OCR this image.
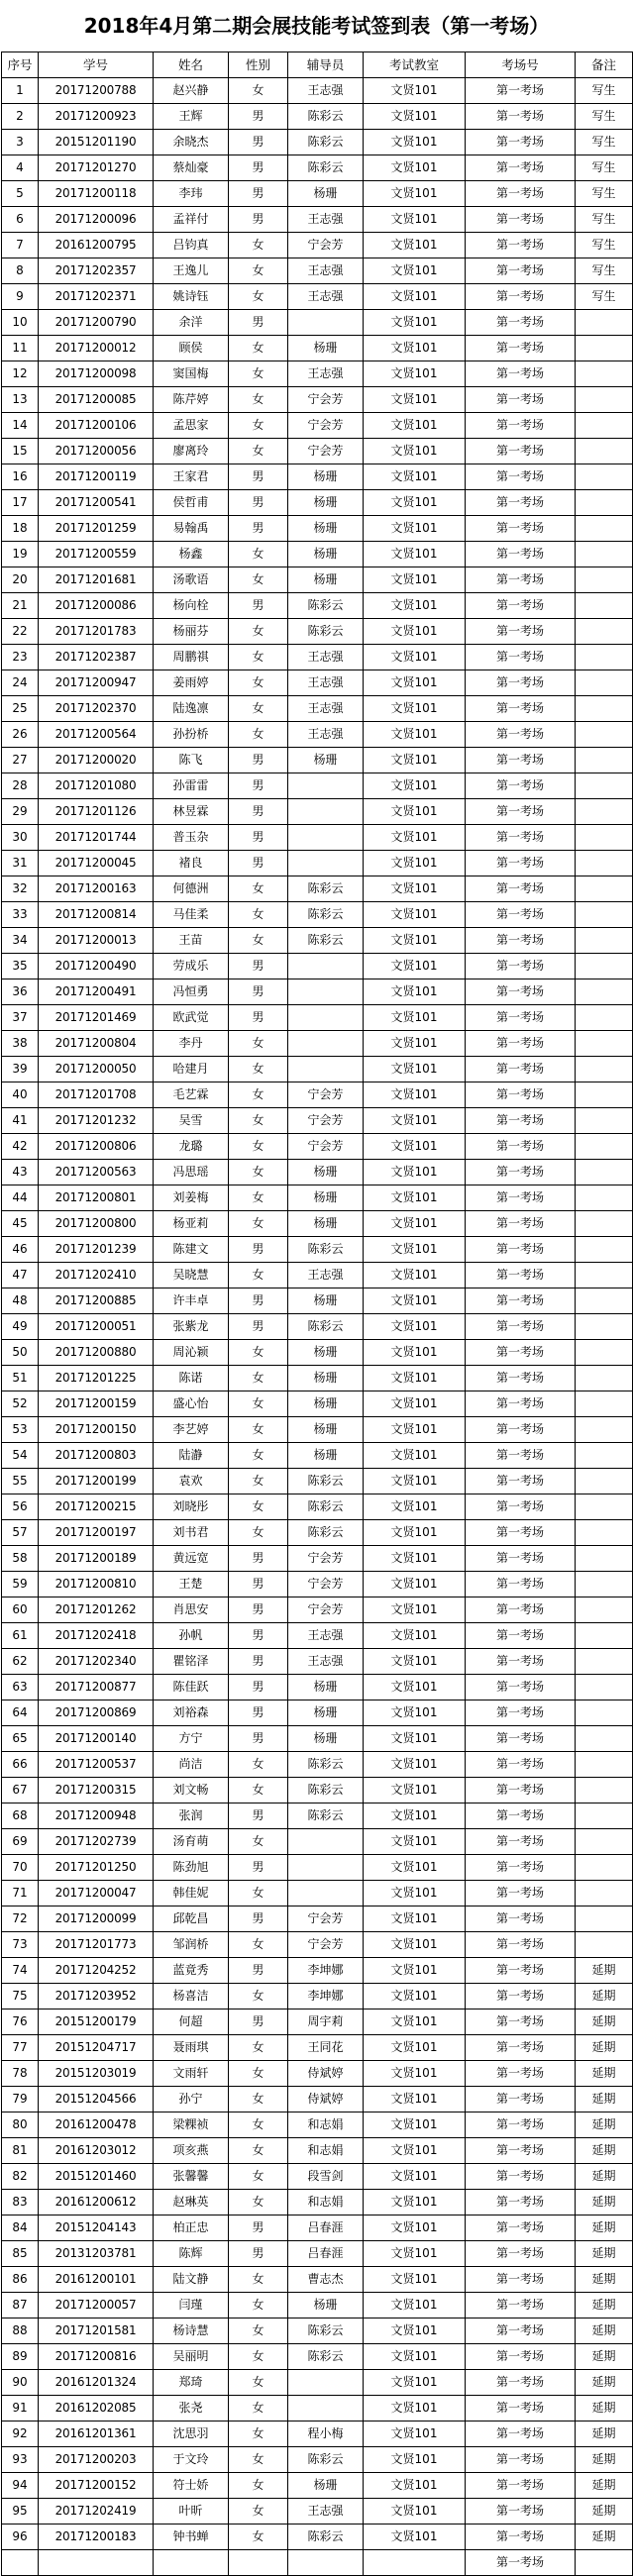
2018年4月第二期会展技能考试签到表（第一考场）
序号	学号	姓名	性别	辅导员	考试教室	考场号	备注
1	20171200788	赵兴静	女	王志强	文贤101	第一考场	写生
2	20171200923	王辉	男	陈彩云	文贤101	第一考场	写生
3	20151201190	余晓杰	男	陈彩云	文贤101	第一考场	写生
4	20171201270	蔡灿豪	男	陈彩云	文贤101	第一考场	写生
5	20171200118	李玮	男	杨珊	文贤101	第一考场	写生
6	20171200096	孟祥付	男	王志强	文贤101	第一考场	写生
7	20161200795	吕钧真	女	宁会芳	文贤101	第一考场	写生
8	20171202357	王逸儿	女	王志强	文贤101	第一考场	写生
9	20171202371	姚诗钰	女	王志强	文贤101	第一考场	写生
10	20171200790	余洋	男		文贤101	第一考场	
11	20171200012	顾侯	女	杨珊	文贤101	第一考场	
12	20171200098	窦国梅	女	王志强	文贤101	第一考场	
13	20171200085	陈芹婷	女	宁会芳	文贤101	第一考场	
14	20171200106	孟思家	女	宁会芳	文贤101	第一考场	
15	20171200056	廖离玲	女	宁会芳	文贤101	第一考场	
16	20171200119	王家君	男	杨珊	文贤101	第一考场	
17	20171200541	侯哲甫	男	杨珊	文贤101	第一考场	
18	20171201259	易翰禹	男	杨珊	文贤101	第一考场	
19	20171200559	杨鑫	女	杨珊	文贤101	第一考场	
20	20171201681	汤歌语	女	杨珊	文贤101	第一考场	
21	20171200086	杨向栓	男	陈彩云	文贤101	第一考场	
22	20171201783	杨丽芬	女	陈彩云	文贤101	第一考场	
23	20171202387	周鹏祺	女	王志强	文贤101	第一考场	
24	20171200947	姜雨婷	女	王志强	文贤101	第一考场	
25	20171202370	陆逸凛	女	王志强	文贤101	第一考场	
26	20171200564	孙扮桥	女	王志强	文贤101	第一考场	
27	20171200020	陈飞	男	杨珊	文贤101	第一考场	
28	20171201080	孙雷雷	男		文贤101	第一考场	
29	20171201126	林昱霖	男		文贤101	第一考场	
30	20171201744	普玉杂	男		文贤101	第一考场	
31	20171200045	褚良	男		文贤101	第一考场	
32	20171200163	何德洲	女	陈彩云	文贤101	第一考场	
33	20171200814	马佳柔	女	陈彩云	文贤101	第一考场	
34	20171200013	王苗	女	陈彩云	文贤101	第一考场	
35	20171200490	劳成乐	男		文贤101	第一考场	
36	20171200491	冯恒勇	男		文贤101	第一考场	
37	20171201469	欧武觉	男		文贤101	第一考场	
38	20171200804	李丹	女		文贤101	第一考场	
39	20171200050	哈建月	女		文贤101	第一考场	
40	20171201708	毛艺霖	女	宁会芳	文贤101	第一考场	
41	20171201232	吴雪	女	宁会芳	文贤101	第一考场	
42	20171200806	龙璐	女	宁会芳	文贤101	第一考场	
43	20171200563	冯思瑶	女	杨珊	文贤101	第一考场	
44	20171200801	刘姜梅	女	杨珊	文贤101	第一考场	
45	20171200800	杨亚莉	女	杨珊	文贤101	第一考场	
46	20171201239	陈建文	男	陈彩云	文贤101	第一考场	
47	20171202410	吴晓慧	女	王志强	文贤101	第一考场	
48	20171200885	许丰卓	男	杨珊	文贤101	第一考场	
49	20171200051	张紫龙	男	陈彩云	文贤101	第一考场	
50	20171200880	周沁颖	女	杨珊	文贤101	第一考场	
51	20171201225	陈诺	女	杨珊	文贤101	第一考场	
52	20171200159	盛心怡	女	杨珊	文贤101	第一考场	
53	20171200150	李艺婷	女	杨珊	文贤101	第一考场	
54	20171200803	陆瀞	女	杨珊	文贤101	第一考场	
55	20171200199	袁欢	女	陈彩云	文贤101	第一考场	
56	20171200215	刘晓彤	女	陈彩云	文贤101	第一考场	
57	20171200197	刘书君	女	陈彩云	文贤101	第一考场	
58	20171200189	黄远宽	男	宁会芳	文贤101	第一考场	
59	20171200810	王楚	男	宁会芳	文贤101	第一考场	
60	20171201262	肖思安	男	宁会芳	文贤101	第一考场	
61	20171202418	孙帆	男	王志强	文贤101	第一考场	
62	20171202340	瞿铭泽	男	王志强	文贤101	第一考场	
63	20171200877	陈佳跃	男	杨珊	文贤101	第一考场	
64	20171200869	刘裕森	男	杨珊	文贤101	第一考场	
65	20171200140	方宁	男	杨珊	文贤101	第一考场	
66	20171200537	尚洁	女	陈彩云	文贤101	第一考场	
67	20171200315	刘文畅	女	陈彩云	文贤101	第一考场	
68	20171200948	张润	男	陈彩云	文贤101	第一考场	
69	20171202739	汤育萌	女		文贤101	第一考场	
70	20171201250	陈劲旭	男		文贤101	第一考场	
71	20171200047	韩佳妮	女		文贤101	第一考场	
72	20171200099	邱乾昌	男	宁会芳	文贤101	第一考场	
73	20171201773	邹润桥	女	宁会芳	文贤101	第一考场	
74	20171204252	蓝竟秀	男	李坤娜	文贤101	第一考场	延期
75	20171203952	杨喜洁	女	李坤娜	文贤101	第一考场	延期
76	20151200179	何超	男	周宇莉	文贤101	第一考场	延期
77	20151204717	聂雨琪	女	王同花	文贤101	第一考场	延期
78	20151203019	文雨轩	女	侍斌婷	文贤101	第一考场	延期
79	20151204566	孙宁	女	侍斌婷	文贤101	第一考场	延期
80	20161200478	梁粿祯	女	和志娟	文贤101	第一考场	延期
81	20161203012	项亥燕	女	和志娟	文贤101	第一考场	延期
82	20151201460	张馨馨	女	段雪剑	文贤101	第一考场	延期
83	20161200612	赵琳英	女	和志娟	文贤101	第一考场	延期
84	20151204143	柏正忠	男	吕春涯	文贤101	第一考场	延期
85	20131203781	陈辉	男	吕春涯	文贤101	第一考场	延期
86	20161200101	陆文静	女	曹志杰	文贤101	第一考场	延期
87	20171200057	闫瑾	女	杨珊	文贤101	第一考场	延期
88	20171201581	杨诗慧	女	陈彩云	文贤101	第一考场	延期
89	20171200816	吴丽明	女	陈彩云	文贤101	第一考场	延期
90	20161201324	郑琦	女		文贤101	第一考场	延期
91	20161202085	张尧	女		文贤101	第一考场	延期
92	20161201361	沈思羽	女	程小梅	文贤101	第一考场	延期
93	20171200203	于文玲	女	陈彩云	文贤101	第一考场	延期
94	20171200152	符士娇	女	杨珊	文贤101	第一考场	延期
95	20171202419	叶昕	女	王志强	文贤101	第一考场	延期
96	20171200183	钟书蝉	女	陈彩云	文贤101	第一考场	延期
						第一考场	
